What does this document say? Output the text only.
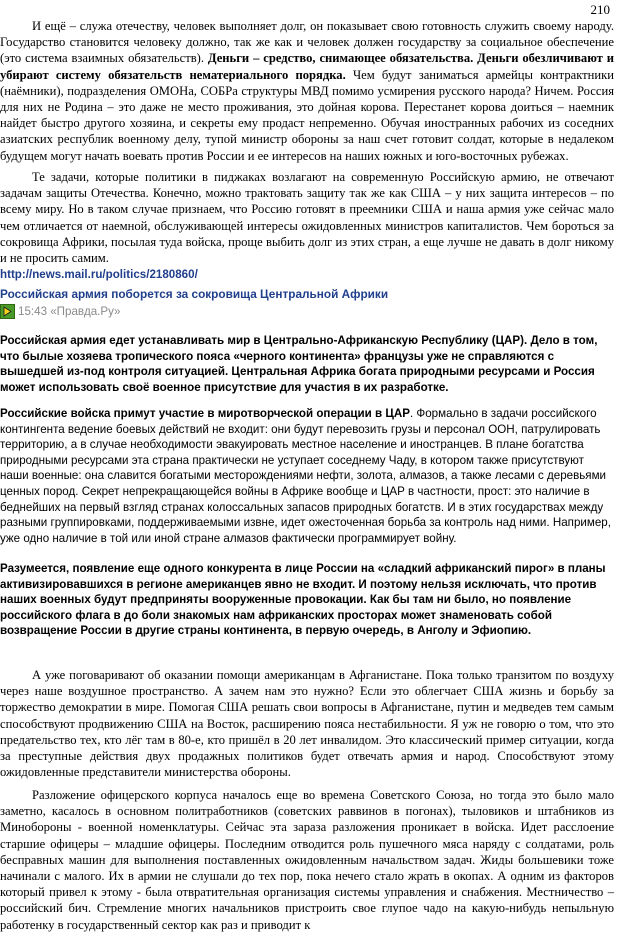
210

И ещё – служа отечеству, человек выполняет долг, он показывает свою готовность служить своему народу. Государство становится человеку должно, так же как и человек должен государству за социальное обеспечение (это система взаимных обязательств). Деньги – средство, снимающее обязательства. Деньги обезличивают и убирают систему обязательств нематериального порядка. Чем будут заниматься армейцы контрактники (наёмники), подразделения ОМОНа, СОБРа структуры МВД помимо усмирения русского народа? Ничем. Россия для них не Родина – это даже не место проживания, это дойная корова. Перестанет корова доиться – наемник найдет быстро другого хозяина, и секреты ему продаст непременно. Обучая иностранных рабочих из соседних азиатских республик военному делу, тупой министр обороны за наш счет готовит солдат, которые в недалеком будущем могут начать воевать против России и ее интересов на наших южных и юго-восточных рубежах.

Те задачи, которые политики в пиджаках возлагают на современную Российскую армию, не отвечают задачам защиты Отечества. Конечно, можно трактовать защиту так же как США – у них защита интересов – по всему миру. Но в таком случае признаем, что Россию готовят в преемники США и наша армия уже сейчас мало чем отличается от наемной, обслуживающей интересы ожидовленных министров капиталистов. Чем бороться за сокровища Африки, посылая туда войска, проще выбить долг из этих стран, а еще лучше не давать в долг никому и не просить самим.

http://news.mail.ru/politics/2180860/
Российская армия поборется за сокровища Центральной Африки
15:43 «Правда.Ру»

Российская армия едет устанавливать мир в Центрально-Африканскую Республику (ЦАР). Дело в том, что былые хозяева тропического пояса «черного континента» французы уже не справляются с вышедшей из-под контроля ситуацией. Центральная Африка богата природными ресурсами и Россия может использовать своё военное присутствие для участия в их разработке.

Российские войска примут участие в миротворческой операции в ЦАР. Формально в задачи российского контингента ведение боевых действий не входит: они будут перевозить грузы и персонал ООН, патрулировать территорию, а в случае необходимости эвакуировать местное население и иностранцев. В плане богатства природными ресурсами эта страна практически не уступает соседнему Чаду, в котором также присутствуют наши военные: она славится богатыми месторождениями нефти, золота, алмазов, а также лесами с деревьями ценных пород. Секрет непрекращающейся войны в Африке вообще и ЦАР в частности, прост: это наличие в беднейших на первый взгляд странах колоссальных запасов природных богатств. И в этих государствах между разными группировками, поддерживаемыми извне, идет ожесточенная борьба за контроль над ними. Например, уже одно наличие в той или иной стране алмазов фактически программирует войну.

Разумеется, появление еще одного конкурента в лице России на «сладкий африканский пирог» в планы активизировавшихся в регионе американцев явно не входит. И поэтому нельзя исключать, что против наших военных будут предприняты вооруженные провокации. Как бы там ни было, но появление российского флага в до боли знакомых нам африканских просторах может знаменовать собой возвращение России в другие страны континента, в первую очередь, в Анголу и Эфиопию.

А уже поговаривают об оказании помощи американцам в Афганистане. Пока только транзитом по воздуху через наше воздушное пространство. А зачем нам это нужно? Если это облегчает США жизнь и борьбу за торжество демократии в мире. Помогая США решать свои вопросы в Афганистане, путин и медведев тем самым способствуют продвижению США на Восток, расширению пояса нестабильности. Я уж не говорю о том, что это предательство тех, кто лёг там в 80-е, кто пришёл в 20 лет инвалидом. Это классический пример ситуации, когда за преступные действия двух продажных политиков будет отвечать армия и народ. Способствуют этому ожидовленные представители министерства обороны.

Разложение офицерского корпуса началось еще во времена Советского Союза, но тогда это было мало заметно, касалось в основном политработников (советских раввинов в погонах), тыловиков и штабников из Минобороны - военной номенклатуры. Сейчас эта зараза разложения проникает в войска. Идет расслоение старшие офицеры – младшие офицеры. Последним отводится роль пушечного мяса наряду с солдатами, роль бесправных машин для выполнения поставленных ожидовленным начальством задач. Жиды большевики тоже начинали с малого. Их в армии не слушали до тех пор, пока нечего стало жрать в окопах. А одним из факторов который привел к этому - была отвратительная организация системы управления и снабжения. Местничество – российский бич. Стремление многих начальников пристроить свое глупое чадо на какую-нибудь непыльную работенку в государственный сектор как раз и приводит к
